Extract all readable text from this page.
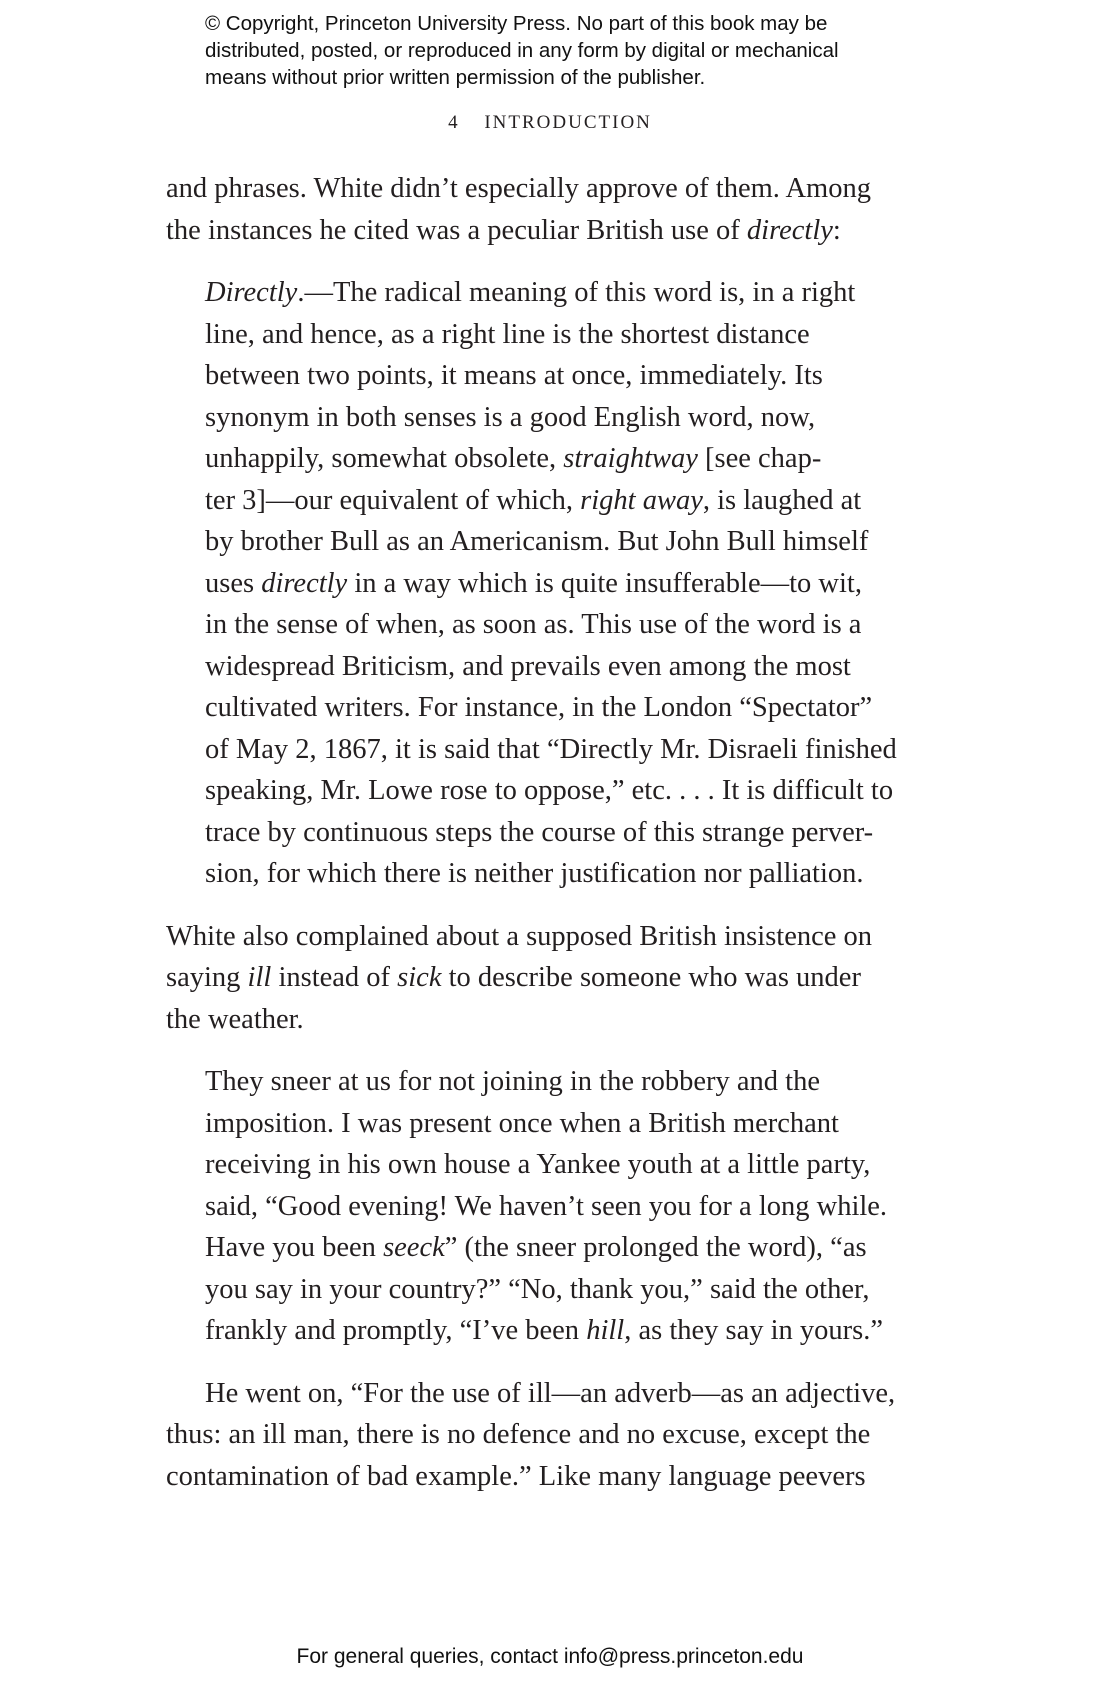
© Copyright, Princeton University Press. No part of this book may be
distributed, posted, or reproduced in any form by digital or mechanical
means without prior written permission of the publisher.
4 INTRODUCTION

and phrases. White didn’t especially approve of them. Among
the instances he cited was a peculiar British use of directly:

Directly.—The radical meaning of this word is, in a right
line, and hence, as a right line is the shortest distance
between two points, it means at once, immediately. Its
synonym in both senses is a good English word, now,
unhappily, somewhat obsolete, straightway [see chap-
ter 3]—our equivalent of which, right away, is laughed at
by brother Bull as an Americanism. But John Bull himself
uses directly in a way which is quite insufferable—to wit,
in the sense of when, as soon as. This use of the word is a
widespread Briticism, and prevails even among the most
cultivated writers. For instance, in the London “Spectator”
of May 2, 1867, it is said that “Directly Mr. Disraeli finished
speaking, Mr. Lowe rose to oppose,” etc. . . . It is difficult to
trace by continuous steps the course of this strange perver-
sion, for which there is neither justification nor palliation.

White also complained about a supposed British insistence on
saying ill instead of sick to describe someone who was under
the weather.

They sneer at us for not joining in the robbery and the
imposition. I was present once when a British merchant
receiving in his own house a Yankee youth at a little party,
said, “Good evening! We haven’t seen you for a long while.
Have you been seeck” (the sneer prolonged the word), “as
you say in your country?” “No, thank you,” said the other,
frankly and promptly, “I’ve been hill, as they say in yours.”

He went on, “For the use of ill—an adverb—as an adjective,
thus: an ill man, there is no defence and no excuse, except the
contamination of bad example.” Like many language peevers

For general queries, contact info@press.princeton.edu
